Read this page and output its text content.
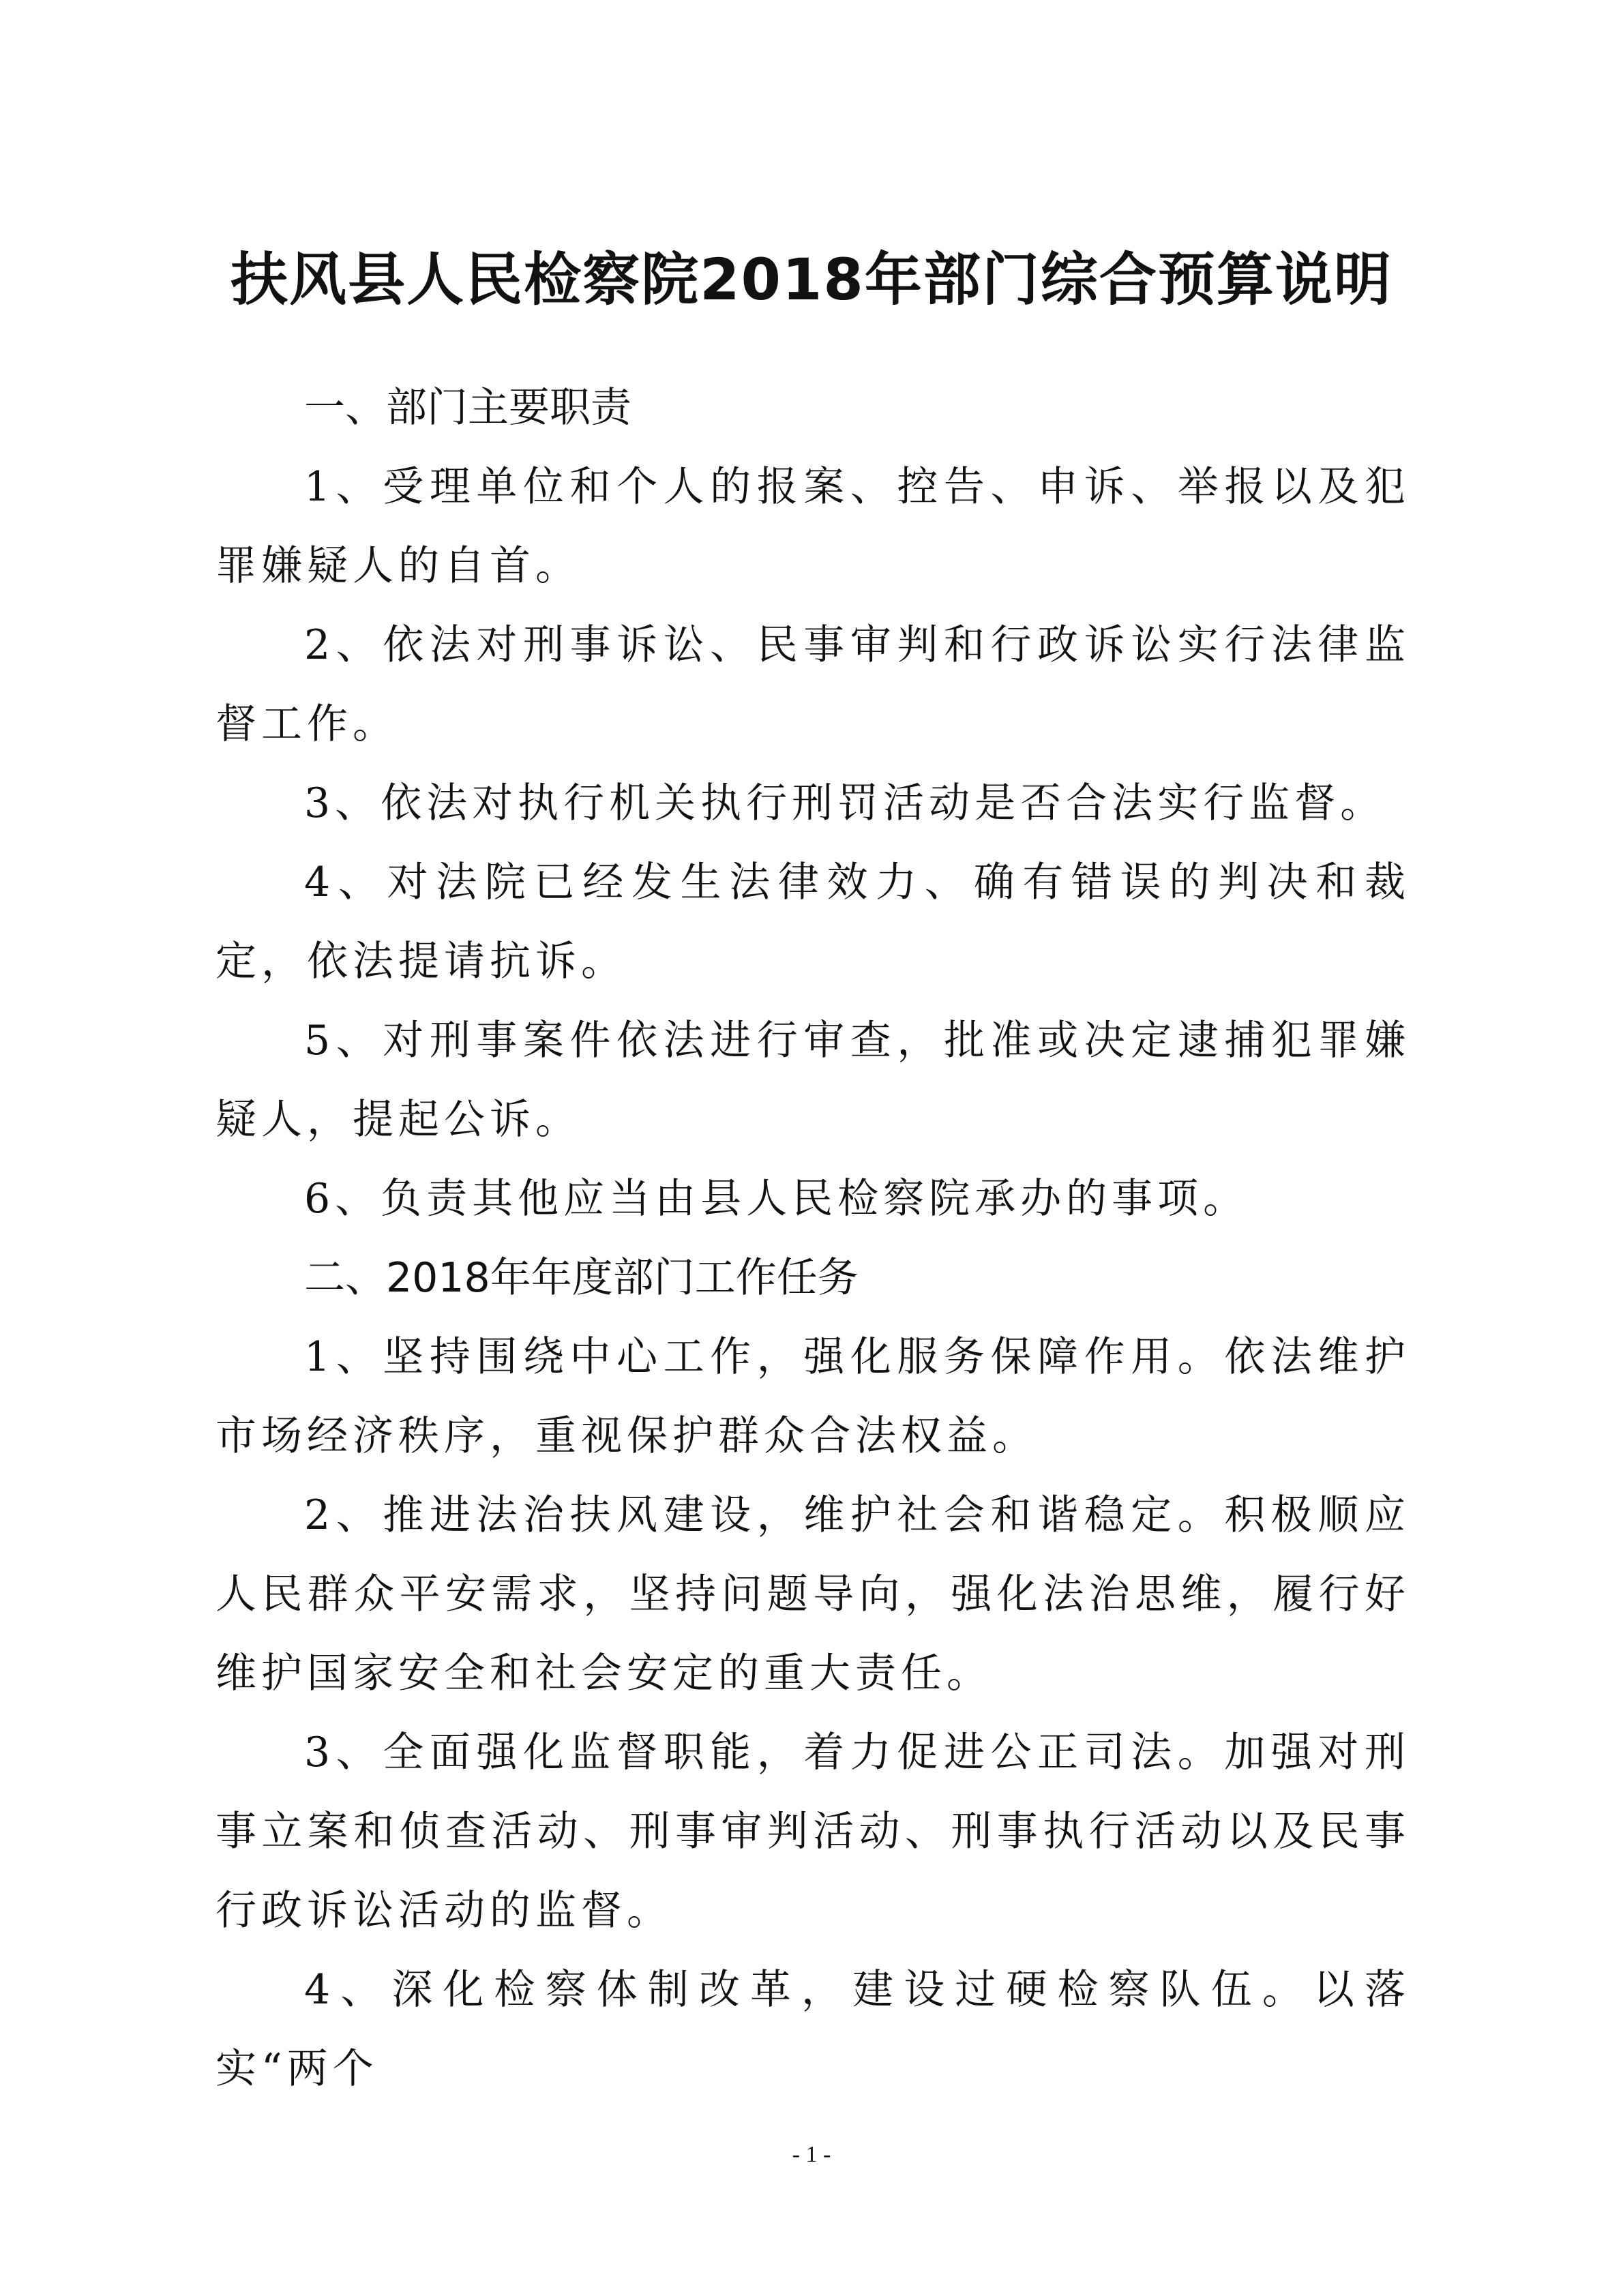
扶风县人民检察院2018年部门综合预算说明

一、部门主要职责

1、受理单位和个人的报案、控告、申诉、举报以及犯罪嫌疑人的自首。

2、依法对刑事诉讼、民事审判和行政诉讼实行法律监督工作。

3、依法对执行机关执行刑罚活动是否合法实行监督。

4、对法院已经发生法律效力、确有错误的判决和裁定，依法提请抗诉。

5、对刑事案件依法进行审查，批准或决定逮捕犯罪嫌疑人，提起公诉。

6、负责其他应当由县人民检察院承办的事项。

二、2018年年度部门工作任务

1、坚持围绕中心工作，强化服务保障作用。依法维护市场经济秩序，重视保护群众合法权益。

2、推进法治扶风建设，维护社会和谐稳定。积极顺应人民群众平安需求，坚持问题导向，强化法治思维，履行好维护国家安全和社会安定的重大责任。

3、全面强化监督职能，着力促进公正司法。加强对刑事立案和侦查活动、刑事审判活动、刑事执行活动以及民事行政诉讼活动的监督。

4、深化检察体制改革，建设过硬检察队伍。以落实“两个

- 1 -
